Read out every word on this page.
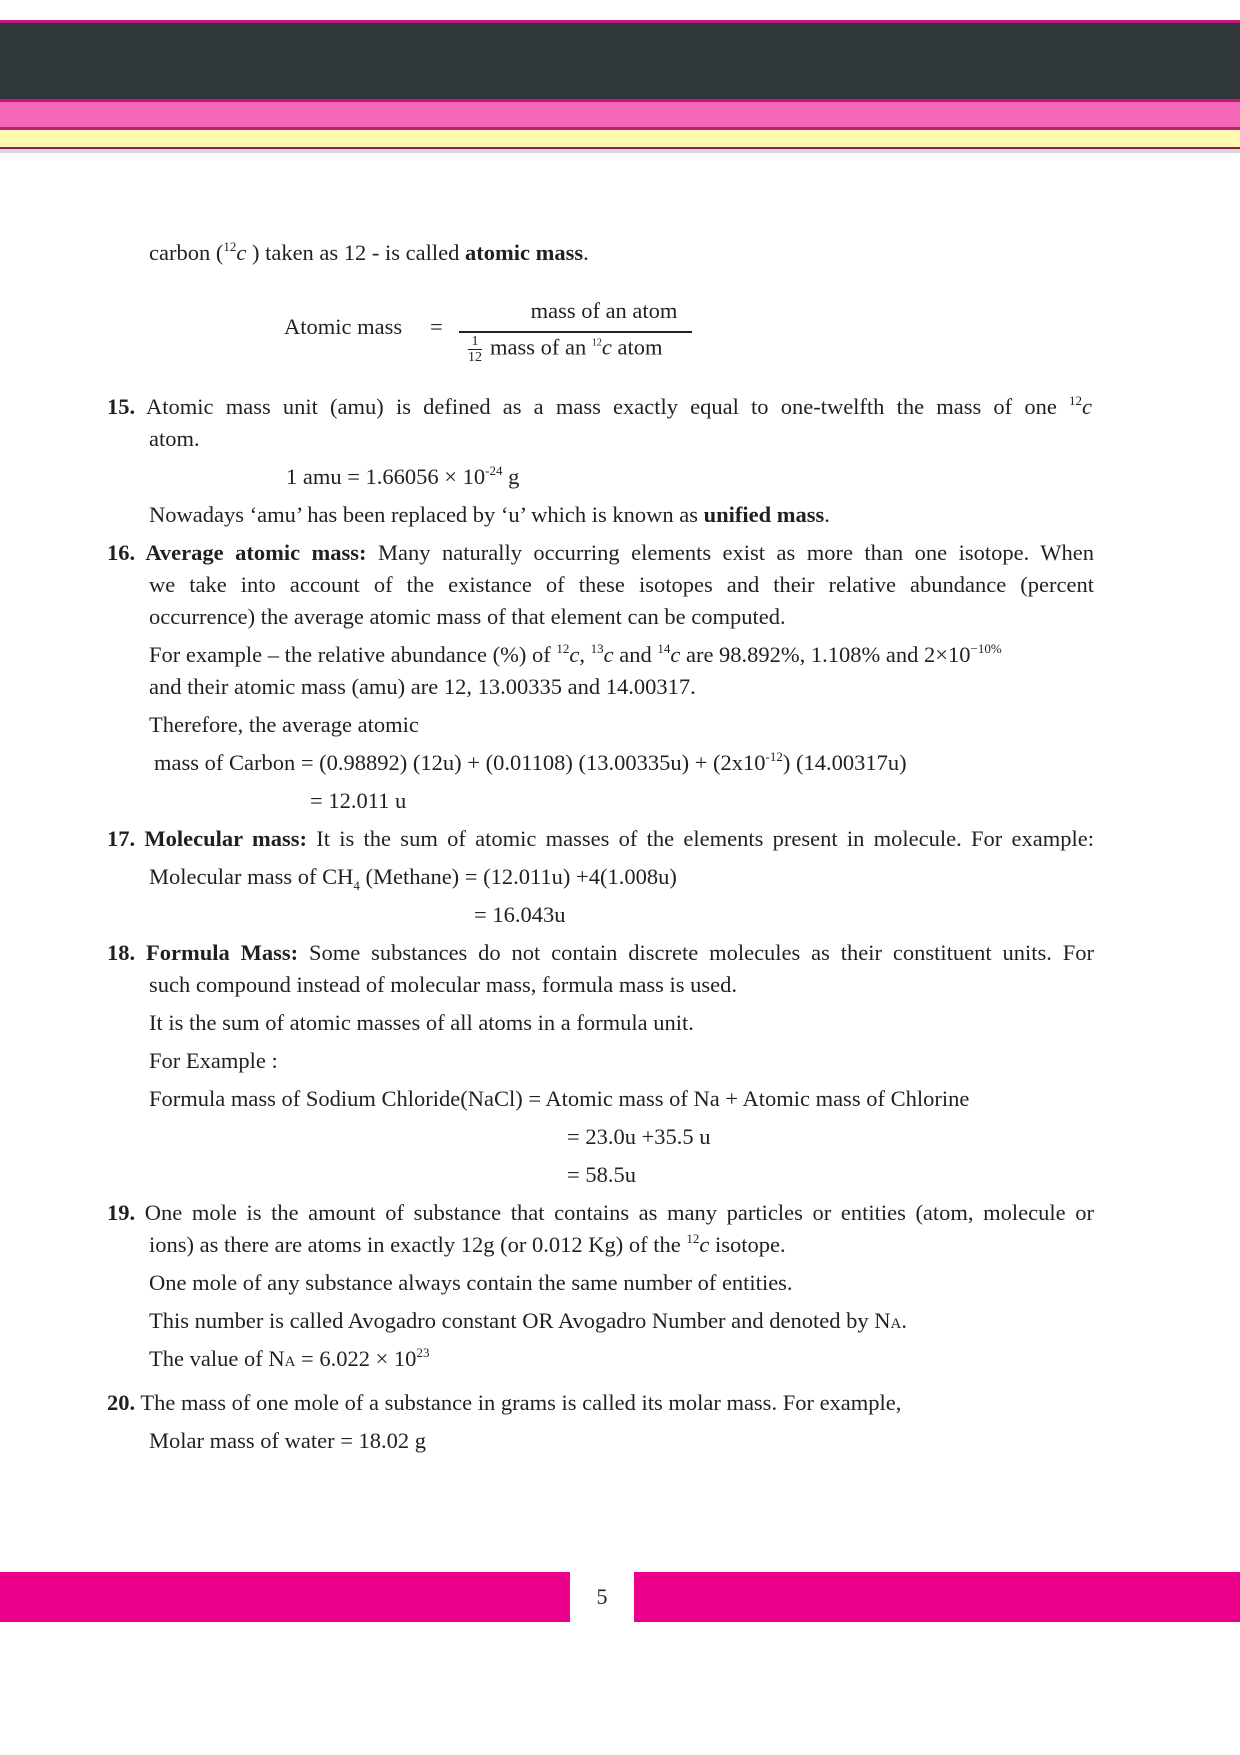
carbon ($^{12}$c ) taken as 12 - is called atomic mass.
Atomic mass =
mass of an atom
$\frac{1}{12}$ mass of an $^{12}$c atom
15. Atomic mass unit (amu) is defined as a mass exactly equal to one-twelfth the mass of one $^{12}$c
atom.
1 amu = $1.66056 \times 10^{-24}$ g
Nowadays ‘amu’ has been replaced by ‘u’ which is known as unified mass.
16. Average atomic mass: Many naturally occurring elements exist as more than one isotope. When
we take into account of the existance of these isotopes and their relative abundance (percent
occurrence) the average atomic mass of that element can be computed.
For example – the relative abundance (%) of $^{12}$c, $^{13}$c and $^{14}$c are 98.892%, 1.108% and $2\times 10^{-10\%}$
and their atomic mass (amu) are 12, 13.00335 and 14.00317.
Therefore, the average atomic
mass of Carbon = (0.98892) (12u) + (0.01108) $(13.00335u) + (2x10^{-12})$ (14.00317u)
= 12.011 u
17. Molecular mass: It is the sum of atomic masses of the elements present in molecule. For example:
Molecular mass of $CH_4$ (Methane) = (12.011u) +4(1.008u)
= 16.043u
18. Formula Mass: Some substances do not contain discrete molecules as their constituent units. For
such compound instead of molecular mass, formula mass is used.
It is the sum of atomic masses of all atoms in a formula unit.
For Example :
Formula mass of Sodium Chloride(NaCl) = Atomic mass of Na + Atomic mass of Chlorine
= 23.0u +35.5 u
= 58.5u
19. One mole is the amount of substance that contains as many particles or entities (atom, molecule or
ions) as there are atoms in exactly 12g (or 0.012 Kg) of the $^{12}$c isotope.
One mole of any substance always contain the same number of entities.
This number is called Avogadro constant OR Avogadro Number and denoted by NA.
The value of NA = $6.022 \times 10^{23}$
20. The mass of one mole of a substance in grams is called its molar mass. For example,
Molar mass of water = 18.02 g
5
